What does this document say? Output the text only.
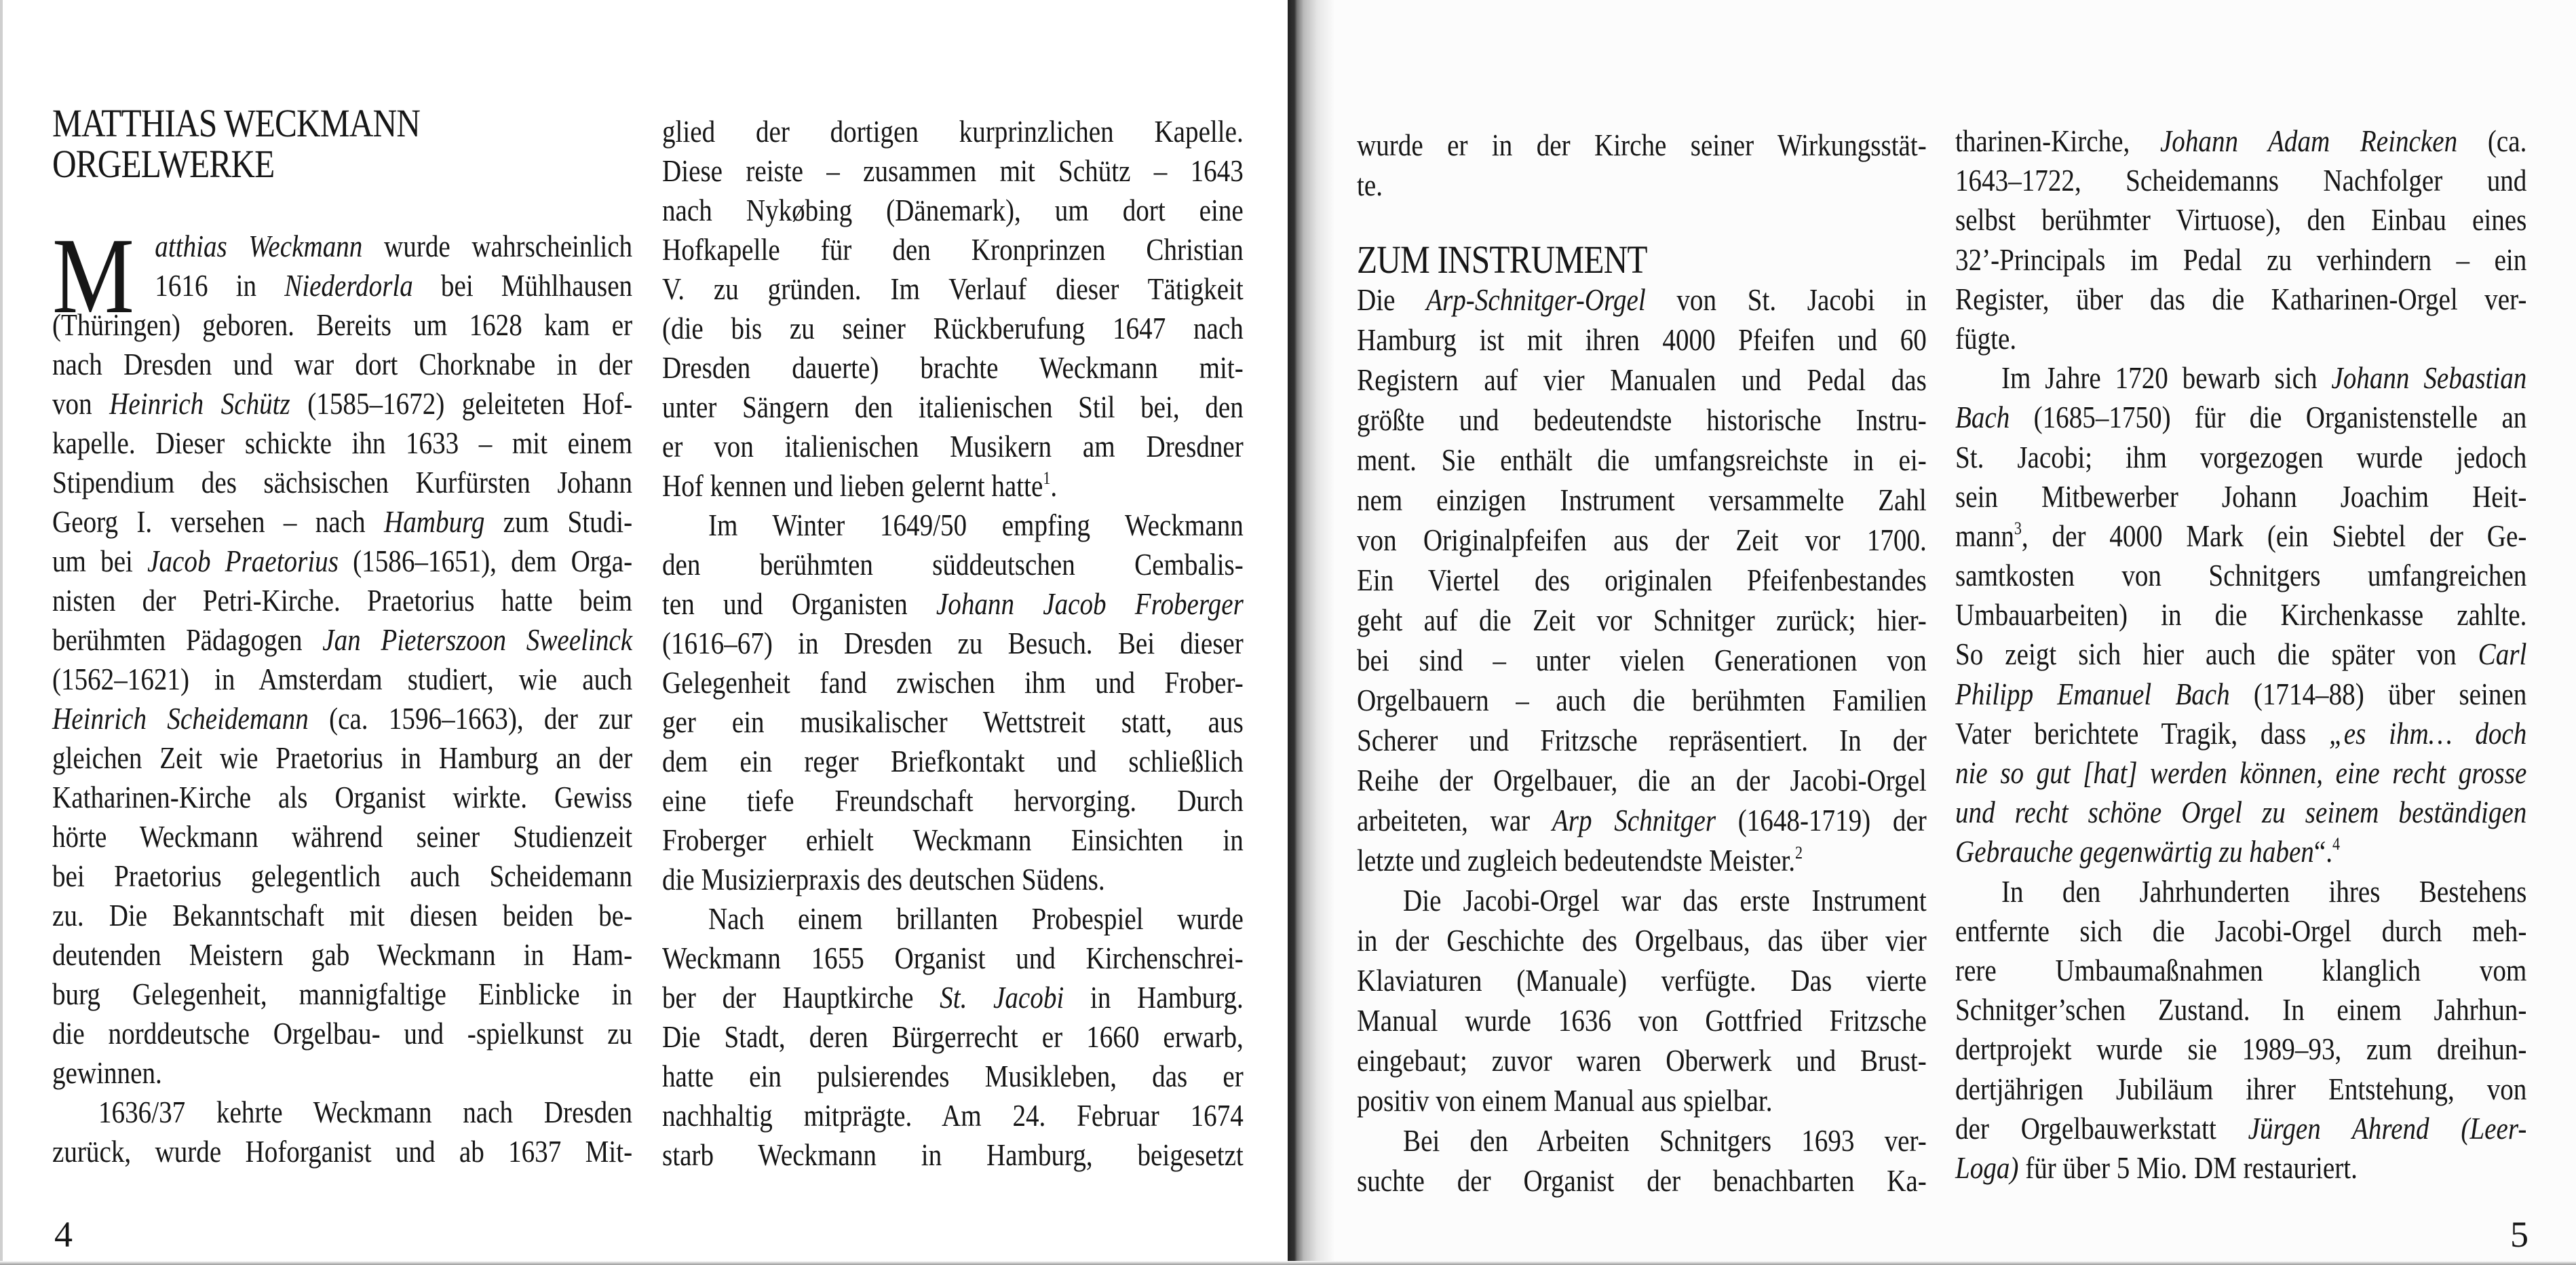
MATTHIAS WECKMANN
ORGELWERKE
M atthias Weckmann wurde wahrscheinlich
1616 in Niederdorla bei Mühlhausen
(Thüringen) geboren. Bereits um 1628 kam er
nach Dresden und war dort Chorknabe in der
von Heinrich Schütz (1585–1672) geleiteten Hof-
kapelle. Dieser schickte ihn 1633 – mit einem
Stipendium des sächsischen Kurfürsten Johann
Georg I. versehen – nach Hamburg zum Studi-
um bei Jacob Praetorius (1586–1651), dem Orga-
nisten der Petri-Kirche. Praetorius hatte beim
berühmten Pädagogen Jan Pieterszoon Sweelinck
(1562–1621) in Amsterdam studiert, wie auch
Heinrich Scheidemann (ca. 1596–1663), der zur
gleichen Zeit wie Praetorius in Hamburg an der
Katharinen-Kirche als Organist wirkte. Gewiss
hörte Weckmann während seiner Studienzeit
bei Praetorius gelegentlich auch Scheidemann
zu. Die Bekanntschaft mit diesen beiden be-
deutenden Meistern gab Weckmann in Ham-
burg Gelegenheit, mannigfaltige Einblicke in
die norddeutsche Orgelbau- und -spielkunst zu
gewinnen.
1636/37 kehrte Weckmann nach Dresden
zurück, wurde Hoforganist und ab 1637 Mit-
glied der dortigen kurprinzlichen Kapelle.
Diese reiste – zusammen mit Schütz – 1643
nach Nykøbing (Dänemark), um dort eine
Hofkapelle für den Kronprinzen Christian
V. zu gründen. Im Verlauf dieser Tätigkeit
(die bis zu seiner Rückberufung 1647 nach
Dresden dauerte) brachte Weckmann mit-
unter Sängern den italienischen Stil bei, den
er von italienischen Musikern am Dresdner
Hof kennen und lieben gelernt hatte$^1$.
Im Winter 1649/50 empfing Weckmann
den berühmten süddeutschen Cembalis-
ten und Organisten Johann Jacob Froberger
(1616–67) in Dresden zu Besuch. Bei dieser
Gelegenheit fand zwischen ihm und Frober-
ger ein musikalischer Wettstreit statt, aus
dem ein reger Briefkontakt und schließlich
eine tiefe Freundschaft hervorging. Durch
Froberger erhielt Weckmann Einsichten in
die Musizierpraxis des deutschen Südens.
Nach einem brillanten Probespiel wurde
Weckmann 1655 Organist und Kirchenschrei-
ber der Hauptkirche St. Jacobi in Hamburg.
Die Stadt, deren Bürgerrecht er 1660 erwarb,
hatte ein pulsierendes Musikleben, das er
nachhaltig mitprägte. Am 24. Februar 1674
starb Weckmann in Hamburg, beigesetzt
wurde er in der Kirche seiner Wirkungsstät-
te.
ZUM INSTRUMENT
Die Arp-Schnitger-Orgel von St. Jacobi in
Hamburg ist mit ihren 4000 Pfeifen und 60
Registern auf vier Manualen und Pedal das
größte und bedeutendste historische Instru-
ment. Sie enthält die umfangsreichste in ei-
nem einzigen Instrument versammelte Zahl
von Originalpfeifen aus der Zeit vor 1700.
Ein Viertel des originalen Pfeifenbestandes
geht auf die Zeit vor Schnitger zurück; hier-
bei sind – unter vielen Generationen von
Orgelbauern – auch die berühmten Familien
Scherer und Fritzsche repräsentiert. In der
Reihe der Orgelbauer, die an der Jacobi-Orgel
arbeiteten, war Arp Schnitger (1648-1719) der
letzte und zugleich bedeutendste Meister.$^2$
Die Jacobi-Orgel war das erste Instrument
in der Geschichte des Orgelbaus, das über vier
Klaviaturen (Manuale) verfügte. Das vierte
Manual wurde 1636 von Gottfried Fritzsche
eingebaut; zuvor waren Oberwerk und Brust-
positiv von einem Manual aus spielbar.
Bei den Arbeiten Schnitgers 1693 ver-
suchte der Organist der benachbarten Ka-
tharinen-Kirche, Johann Adam Reincken (ca.
1643–1722, Scheidemanns Nachfolger und
selbst berühmter Virtuose), den Einbau eines
32’-Principals im Pedal zu verhindern – ein
Register, über das die Katharinen-Orgel ver-
fügte.
Im Jahre 1720 bewarb sich Johann Sebastian
Bach (1685–1750) für die Organistenstelle an
St. Jacobi; ihm vorgezogen wurde jedoch
sein Mitbewerber Johann Joachim Heit-
mann$^3$, der 4000 Mark (ein Siebtel der Ge-
samtkosten von Schnitgers umfangreichen
Umbauarbeiten) in die Kirchenkasse zahlte.
So zeigt sich hier auch die später von Carl
Philipp Emanuel Bach (1714–88) über seinen
Vater berichtete Tragik, dass „es ihm… doch
nie so gut [hat] werden können, eine recht grosse
und recht schöne Orgel zu seinem beständigen
Gebrauche gegenwärtig zu haben“.$^4$
In den Jahrhunderten ihres Bestehens
entfernte sich die Jacobi-Orgel durch meh-
rere Umbaumaßnahmen klanglich vom
Schnitger’schen Zustand. In einem Jahrhun-
dertprojekt wurde sie 1989–93, zum dreihun-
dertjährigen Jubiläum ihrer Entstehung, von
der Orgelbauwerkstatt Jürgen Ahrend (Leer-
Loga) für über 5 Mio. DM restauriert.
4	5
